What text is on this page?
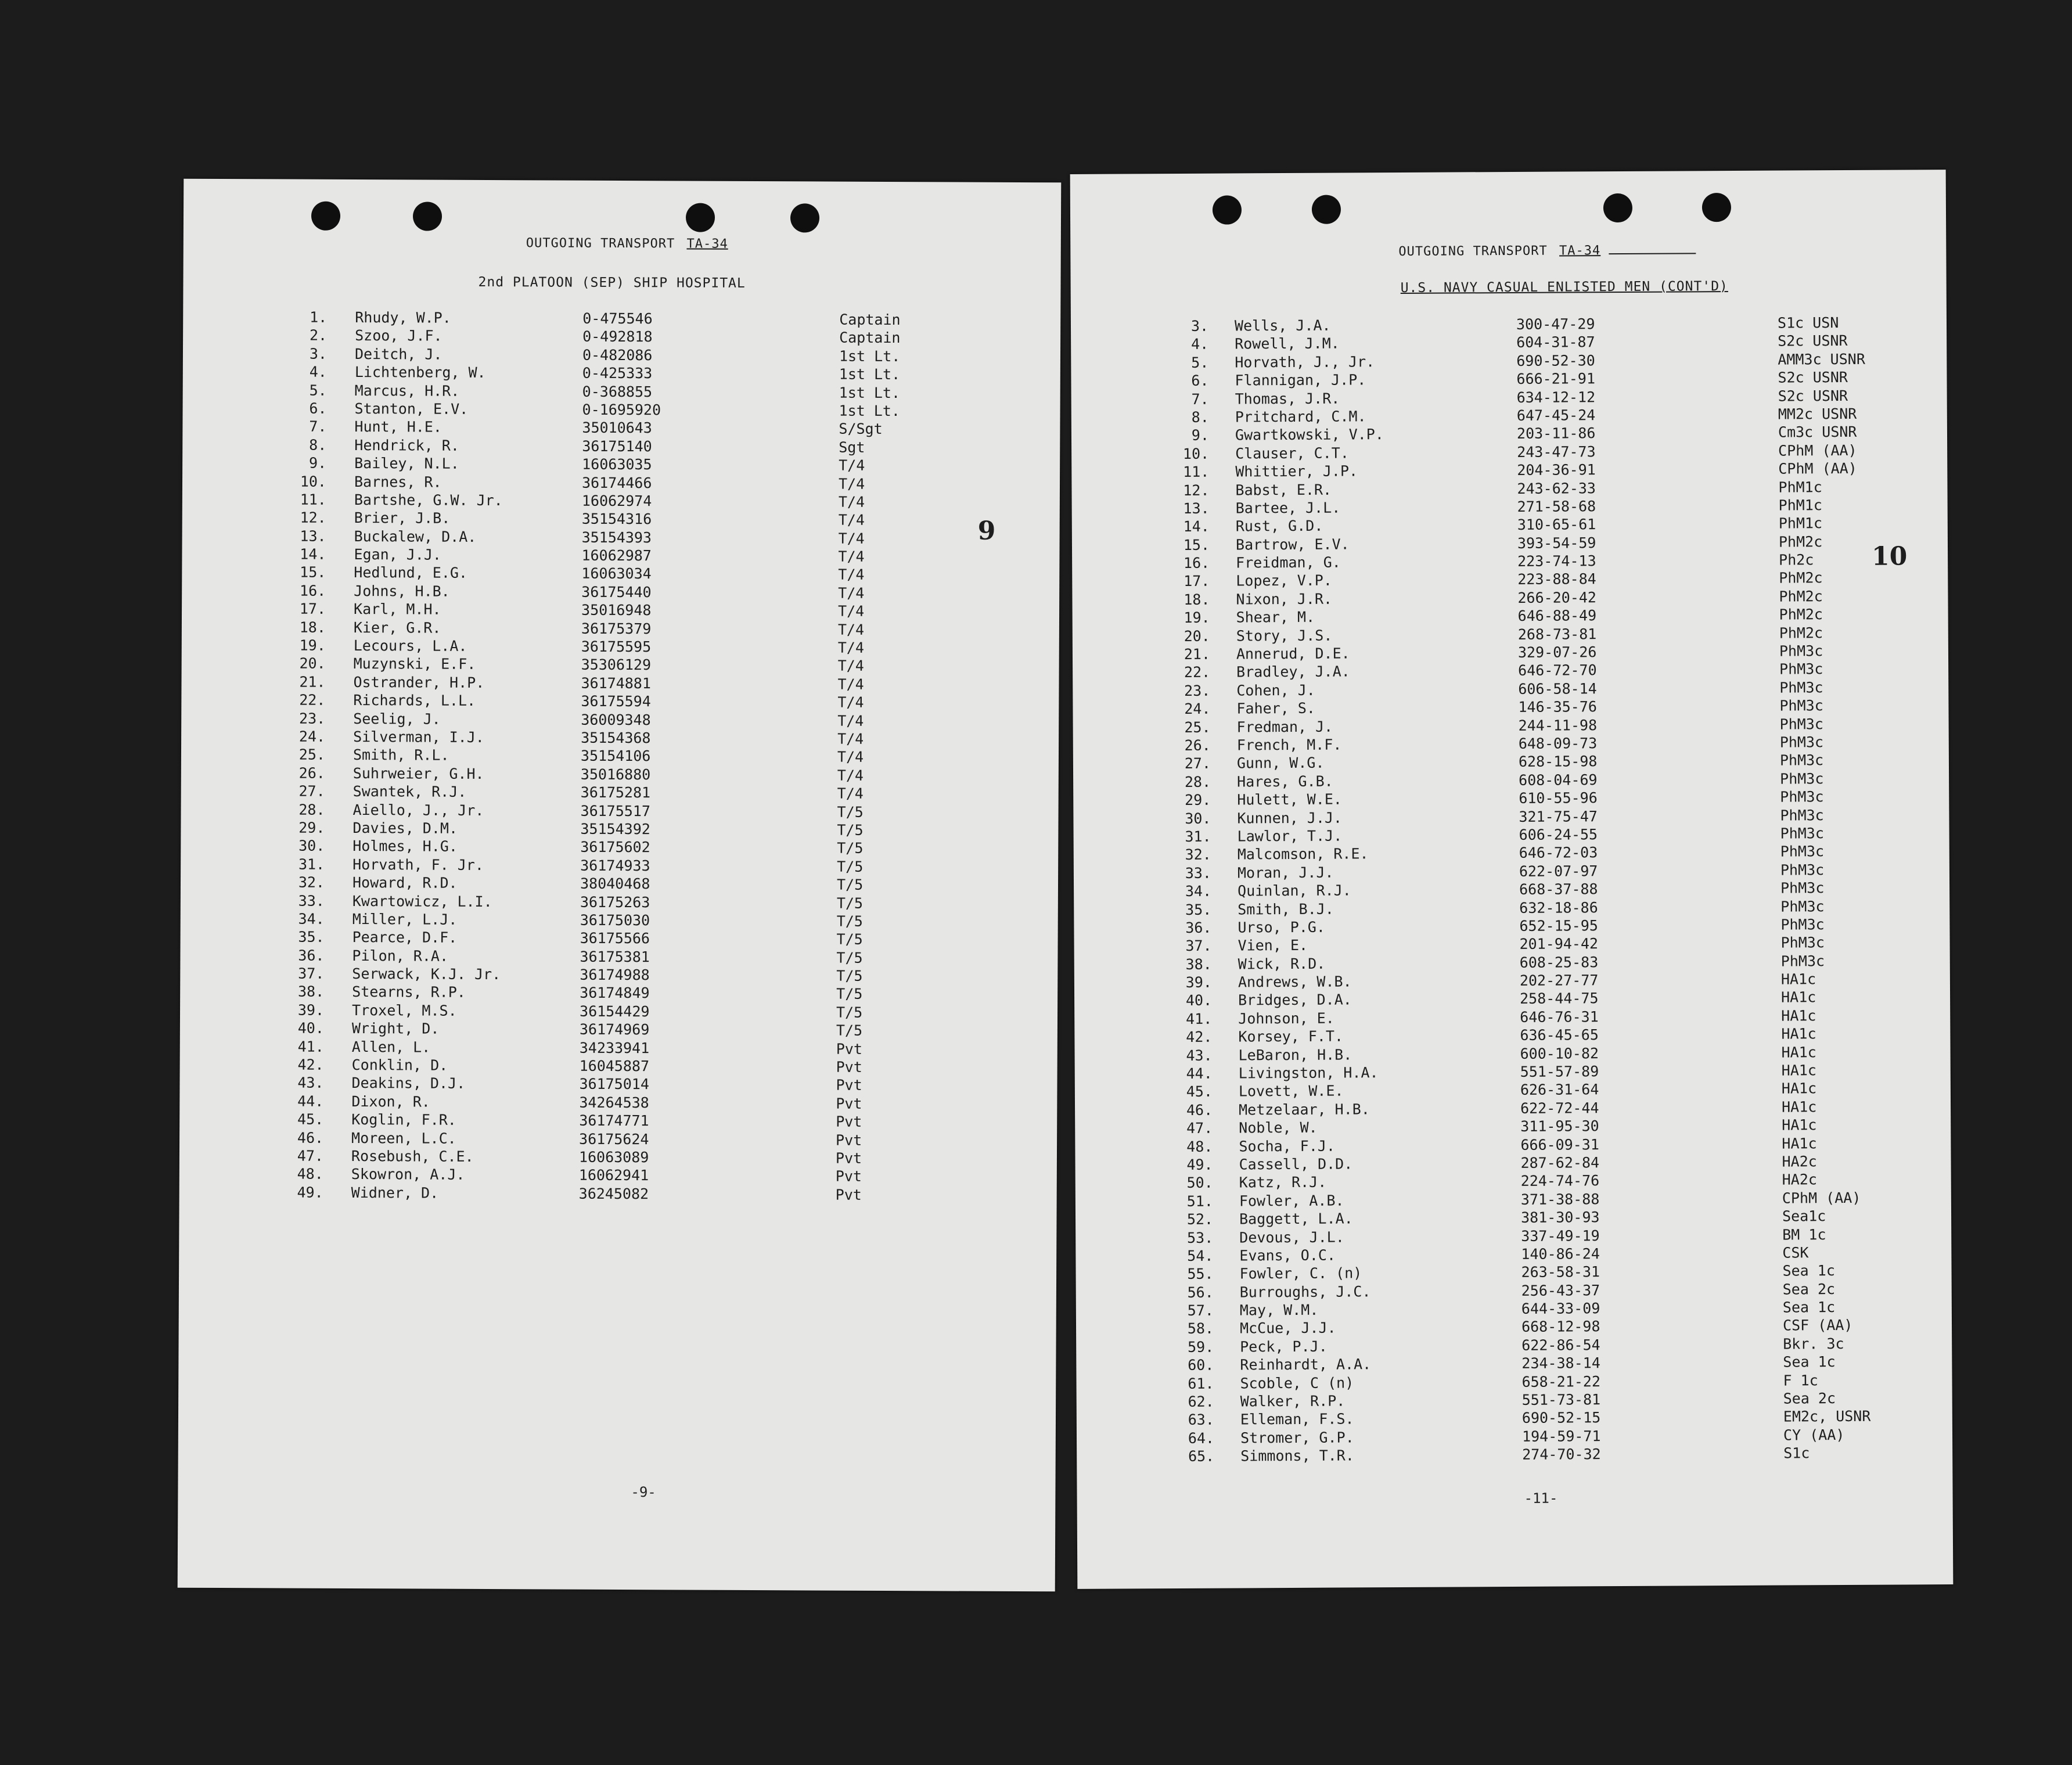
OUTGOING TRANSPORT TA-34
2nd PLATOON (SEP) SHIP HOSPITAL
1. Rhudy, W.P.	0-475546	Captain
2. Szoo, J.F.	0-492818	Captain
3. Deitch, J.	0-482086	1st Lt.
4. Lichtenberg, W.	0-425333	1st Lt.
5. Marcus, H.R.	0-368855	1st Lt.
6. Stanton, E.V.	0-1695920	1st Lt.
7. Hunt, H.E.	35010643	S/Sgt
8. Hendrick, R.	36175140	Sgt
9. Bailey, N.L.	16063035	T/4
10. Barnes, R.	36174466	T/4
11. Bartshe, G.W. Jr.	16062974	T/4
12. Brier, J.B.	35154316	T/4
13. Buckalew, D.A.	35154393	T/4
14. Egan, J.J.	16062987	T/4
15. Hedlund, E.G.	16063034	T/4
16. Johns, H.B.	36175440	T/4
17. Karl, M.H.	35016948	T/4
18. Kier, G.R.	36175379	T/4
19. Lecours, L.A.	36175595	T/4
20. Muzynski, E.F.	35306129	T/4
21. Ostrander, H.P.	36174881	T/4
22. Richards, L.L.	36175594	T/4
23. Seelig, J.	36009348	T/4
24. Silverman, I.J.	35154368	T/4
25. Smith, R.L.	35154106	T/4
26. Suhrweier, G.H.	35016880	T/4
27. Swantek, R.J.	36175281	T/4
28. Aiello, J., Jr.	36175517	T/5
29. Davies, D.M.	35154392	T/5
30. Holmes, H.G.	36175602	T/5
31. Horvath, F. Jr.	36174933	T/5
32. Howard, R.D.	38040468	T/5
33. Kwartowicz, L.I.	36175263	T/5
34. Miller, L.J.	36175030	T/5
35. Pearce, D.F.	36175566	T/5
36. Pilon, R.A.	36175381	T/5
37. Serwack, K.J. Jr.	36174988	T/5
38. Stearns, R.P.	36174849	T/5
39. Troxel, M.S.	36154429	T/5
40. Wright, D.	36174969	T/5
41. Allen, L.	34233941	Pvt
42. Conklin, D.	16045887	Pvt
43. Deakins, D.J.	36175014	Pvt
44. Dixon, R.	34264538	Pvt
45. Koglin, F.R.	36174771	Pvt
46. Moreen, L.C.	36175624	Pvt
47. Rosebush, C.E.	16063089	Pvt
48. Skowron, A.J.	16062941	Pvt
49. Widner, D.	36245082	Pvt
9
-9-
OUTGOING TRANSPORT TA-34
U.S. NAVY CASUAL ENLISTED MEN (CONT'D)
3. Wells, J.A.	300-47-29	S1c USN
4. Rowell, J.M.	604-31-87	S2c USNR
5. Horvath, J., Jr.	690-52-30	AMM3c USNR
6. Flannigan, J.P.	666-21-91	S2c USNR
7. Thomas, J.R.	634-12-12	S2c USNR
8. Pritchard, C.M.	647-45-24	MM2c USNR
9. Gwartkowski, V.P.	203-11-86	Cm3c USNR
10. Clauser, C.T.	243-47-73	CPhM (AA)
11. Whittier, J.P.	204-36-91	CPhM (AA)
12. Babst, E.R.	243-62-33	PhM1c
13. Bartee, J.L.	271-58-68	PhM1c
14. Rust, G.D.	310-65-61	PhM1c
15. Bartrow, E.V.	393-54-59	PhM2c
16. Freidman, G.	223-74-13	Ph2c
17. Lopez, V.P.	223-88-84	PhM2c
18. Nixon, J.R.	266-20-42	PhM2c
19. Shear, M.	646-88-49	PhM2c
20. Story, J.S.	268-73-81	PhM2c
21. Annerud, D.E.	329-07-26	PhM3c
22. Bradley, J.A.	646-72-70	PhM3c
23. Cohen, J.	606-58-14	PhM3c
24. Faher, S.	146-35-76	PhM3c
25. Fredman, J.	244-11-98	PhM3c
26. French, M.F.	648-09-73	PhM3c
27. Gunn, W.G.	628-15-98	PhM3c
28. Hares, G.B.	608-04-69	PhM3c
29. Hulett, W.E.	610-55-96	PhM3c
30. Kunnen, J.J.	321-75-47	PhM3c
31. Lawlor, T.J.	606-24-55	PhM3c
32. Malcomson, R.E.	646-72-03	PhM3c
33. Moran, J.J.	622-07-97	PhM3c
34. Quinlan, R.J.	668-37-88	PhM3c
35. Smith, B.J.	632-18-86	PhM3c
36. Urso, P.G.	652-15-95	PhM3c
37. Vien, E.	201-94-42	PhM3c
38. Wick, R.D.	608-25-83	PhM3c
39. Andrews, W.B.	202-27-77	HA1c
40. Bridges, D.A.	258-44-75	HA1c
41. Johnson, E.	646-76-31	HA1c
42. Korsey, F.T.	636-45-65	HA1c
43. LeBaron, H.B.	600-10-82	HA1c
44. Livingston, H.A.	551-57-89	HA1c
45. Lovett, W.E.	626-31-64	HA1c
46. Metzelaar, H.B.	622-72-44	HA1c
47. Noble, W.	311-95-30	HA1c
48. Socha, F.J.	666-09-31	HA1c
49. Cassell, D.D.	287-62-84	HA2c
50. Katz, R.J.	224-74-76	HA2c
51. Fowler, A.B.	371-38-88	CPhM (AA)
52. Baggett, L.A.	381-30-93	Sea1c
53. Devous, J.L.	337-49-19	BM 1c
54. Evans, O.C.	140-86-24	CSK
55. Fowler, C. (n)	263-58-31	Sea 1c
56. Burroughs, J.C.	256-43-37	Sea 2c
57. May, W.M.	644-33-09	Sea 1c
58. McCue, J.J.	668-12-98	CSF (AA)
59. Peck, P.J.	622-86-54	Bkr. 3c
60. Reinhardt, A.A.	234-38-14	Sea 1c
61. Scoble, C (n)	658-21-22	F 1c
62. Walker, R.P.	551-73-81	Sea 2c
63. Elleman, F.S.	690-52-15	EM2c, USNR
64. Stromer, G.P.	194-59-71	CY (AA)
65. Simmons, T.R.	274-70-32	S1c
10
-11-
